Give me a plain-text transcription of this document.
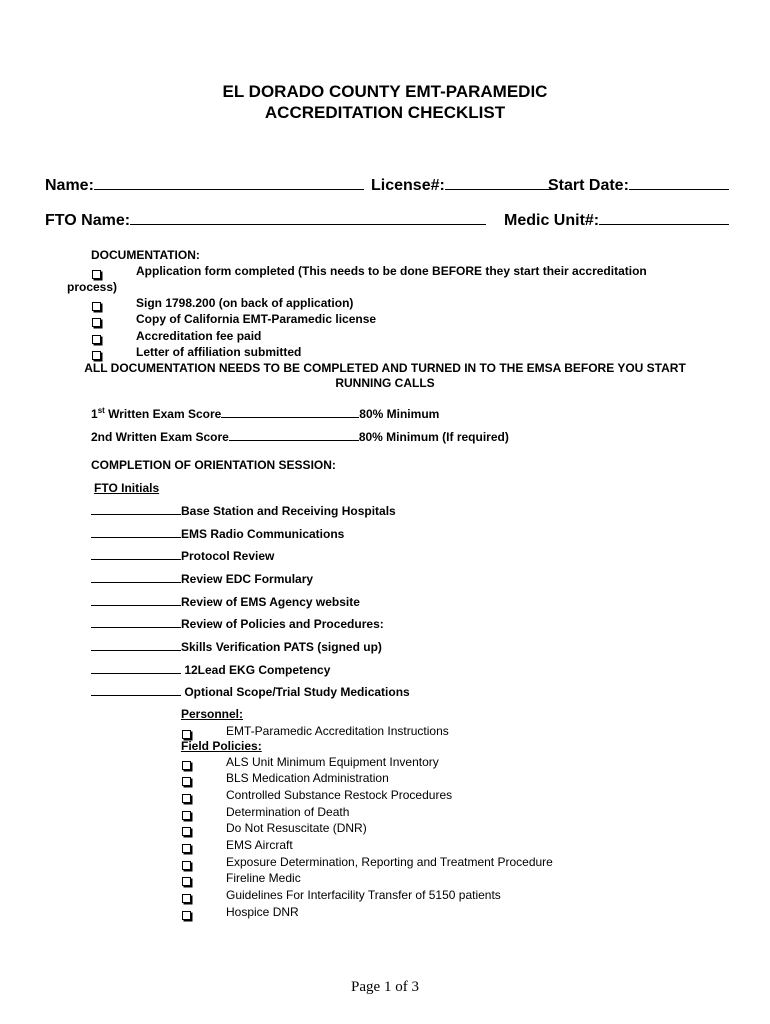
EL DORADO COUNTY EMT-PARAMEDIC
ACCREDITATION CHECKLIST
Name:	License#:	Start Date:
FTO Name:	Medic Unit#:
DOCUMENTATION:
Application form completed (This needs to be done BEFORE they start their accreditation
process)
Sign 1798.200 (on back of application)
Copy of California EMT-Paramedic license
Accreditation fee paid
Letter of affiliation submitted
ALL DOCUMENTATION NEEDS TO BE COMPLETED AND TURNED IN TO THE EMSA BEFORE YOU START
RUNNING CALLS
1st Written Exam Score	80% Minimum
2nd Written Exam Score	80% Minimum (If required)
COMPLETION OF ORIENTATION SESSION:
FTO Initials
Base Station and Receiving Hospitals
EMS Radio Communications
Protocol Review
Review EDC Formulary
Review of EMS Agency website
Review of Policies and Procedures:
Skills Verification PATS (signed up)
12Lead EKG Competency
Optional Scope/Trial Study Medications
Personnel:
EMT-Paramedic Accreditation Instructions
Field Policies:
ALS Unit Minimum Equipment Inventory
BLS Medication Administration
Controlled Substance Restock Procedures
Determination of Death
Do Not Resuscitate (DNR)
EMS Aircraft
Exposure Determination, Reporting and Treatment Procedure
Fireline Medic
Guidelines For Interfacility Transfer of 5150 patients
Hospice DNR
Page 1 of 3
